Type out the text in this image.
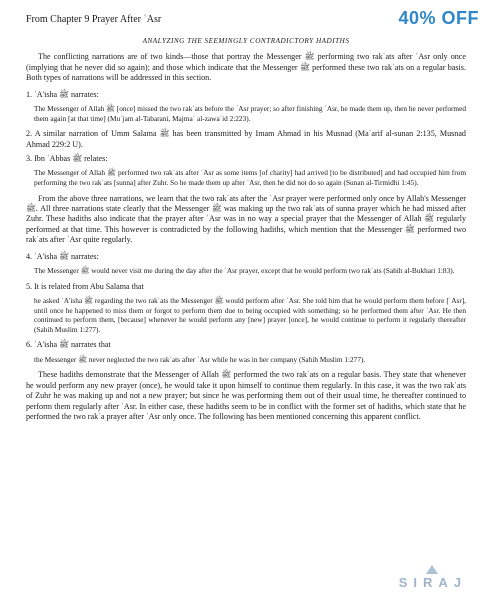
From Chapter 9 Prayer After ʿAsr	40% OFF
ANALYZING THE SEEMINGLY CONTRADICTORY HADITHS

The conflicting narrations are of two kinds—those that portray the Messenger ﷺ performing two rakʿats after ʿAsr only once (implying that he never did so again); and those which indicate that the Messenger ﷺ performed these two rakʿats on a regular basis. Both types of narrations will be addressed in this section.

1. ʿA'isha ﷺ narrates:

The Messenger of Allah ﷺ [once] missed the two rakʿats before the ʿAsr prayer; so after finishing ʿAsr, he made them up, then he never performed them again [at that time] (Muʿjam al-Tabarani, Majmaʿ al-zawaʾid 2:223).

2. A similar narration of Umm Salama ﷺ has been transmitted by Imam Ahmad in his Musnad (Maʿarif al-sunan 2:135, Musnad Ahmad 229:2 U).

3. Ibn ʿAbbas ﷺ relates:

The Messenger of Allah ﷺ performed two rakʿats after ʿAsr as some items [of charity] had arrived [to be distributed] and had occupied him from performing the two rakʿats [sunna] after Zuhr. So he made them up after ʿAsr, then he did not do so again (Sunan al-Tirmidhi 1:45).

From the above three narrations, we learn that the two rakʿats after the ʿAsr prayer were performed only once by Allah's Messenger ﷺ. All three narrations state clearly that the Messenger ﷺ was making up the two rakʿats of sunna prayer which he had missed after Zuhr. These hadiths also indicate that the prayer after ʿAsr was in no way a special prayer that the Messenger of Allah ﷺ regularly performed at that time. This however is contradicted by the following hadiths, which mention that the Messenger ﷺ performed two rakʿats after ʿAsr quite regularly.

4. ʿA'isha ﷺ narrates:

The Messenger ﷺ would never visit me during the day after the ʿAsr prayer, except that he would perform two rakʿats (Sahih al-Bukhari 1:83).

5. It is related from Abu Salama that

he asked ʿA'isha ﷺ regarding the two rakʿats the Messenger ﷺ would perform after ʿAsr. She told him that he would perform them before [ʿAsr], until once he happened to miss them or forgot to perform them due to being occupied with something; so he performed them after ʿAsr. He then continued to perform them, [because] whenever he would perform any [new] prayer [once], he would continue to perform it regularly thereafter (Sahih Muslim 1:277).

6. ʿA'isha ﷺ narrates that

the Messenger ﷺ never neglected the two rakʿats after ʿAsr while he was in her company (Sahih Muslim 1:277).

These hadiths demonstrate that the Messenger of Allah ﷺ performed the two rakʿats on a regular basis. They state that whenever he would perform any new prayer (once), he would take it upon himself to continue them regularly. In this case, it was the two rakʿats of Zuhr he was making up and not a new prayer; but since he was performing them out of their usual time, he thereafter continued to perform them regularly after ʿAsr. In either case, these hadiths seem to be in conflict with the former set of hadiths, which state that he performed the two rakʿa prayer after ʿAsr only once. The following has been mentioned concerning this apparent conflict.

SIRAJ
